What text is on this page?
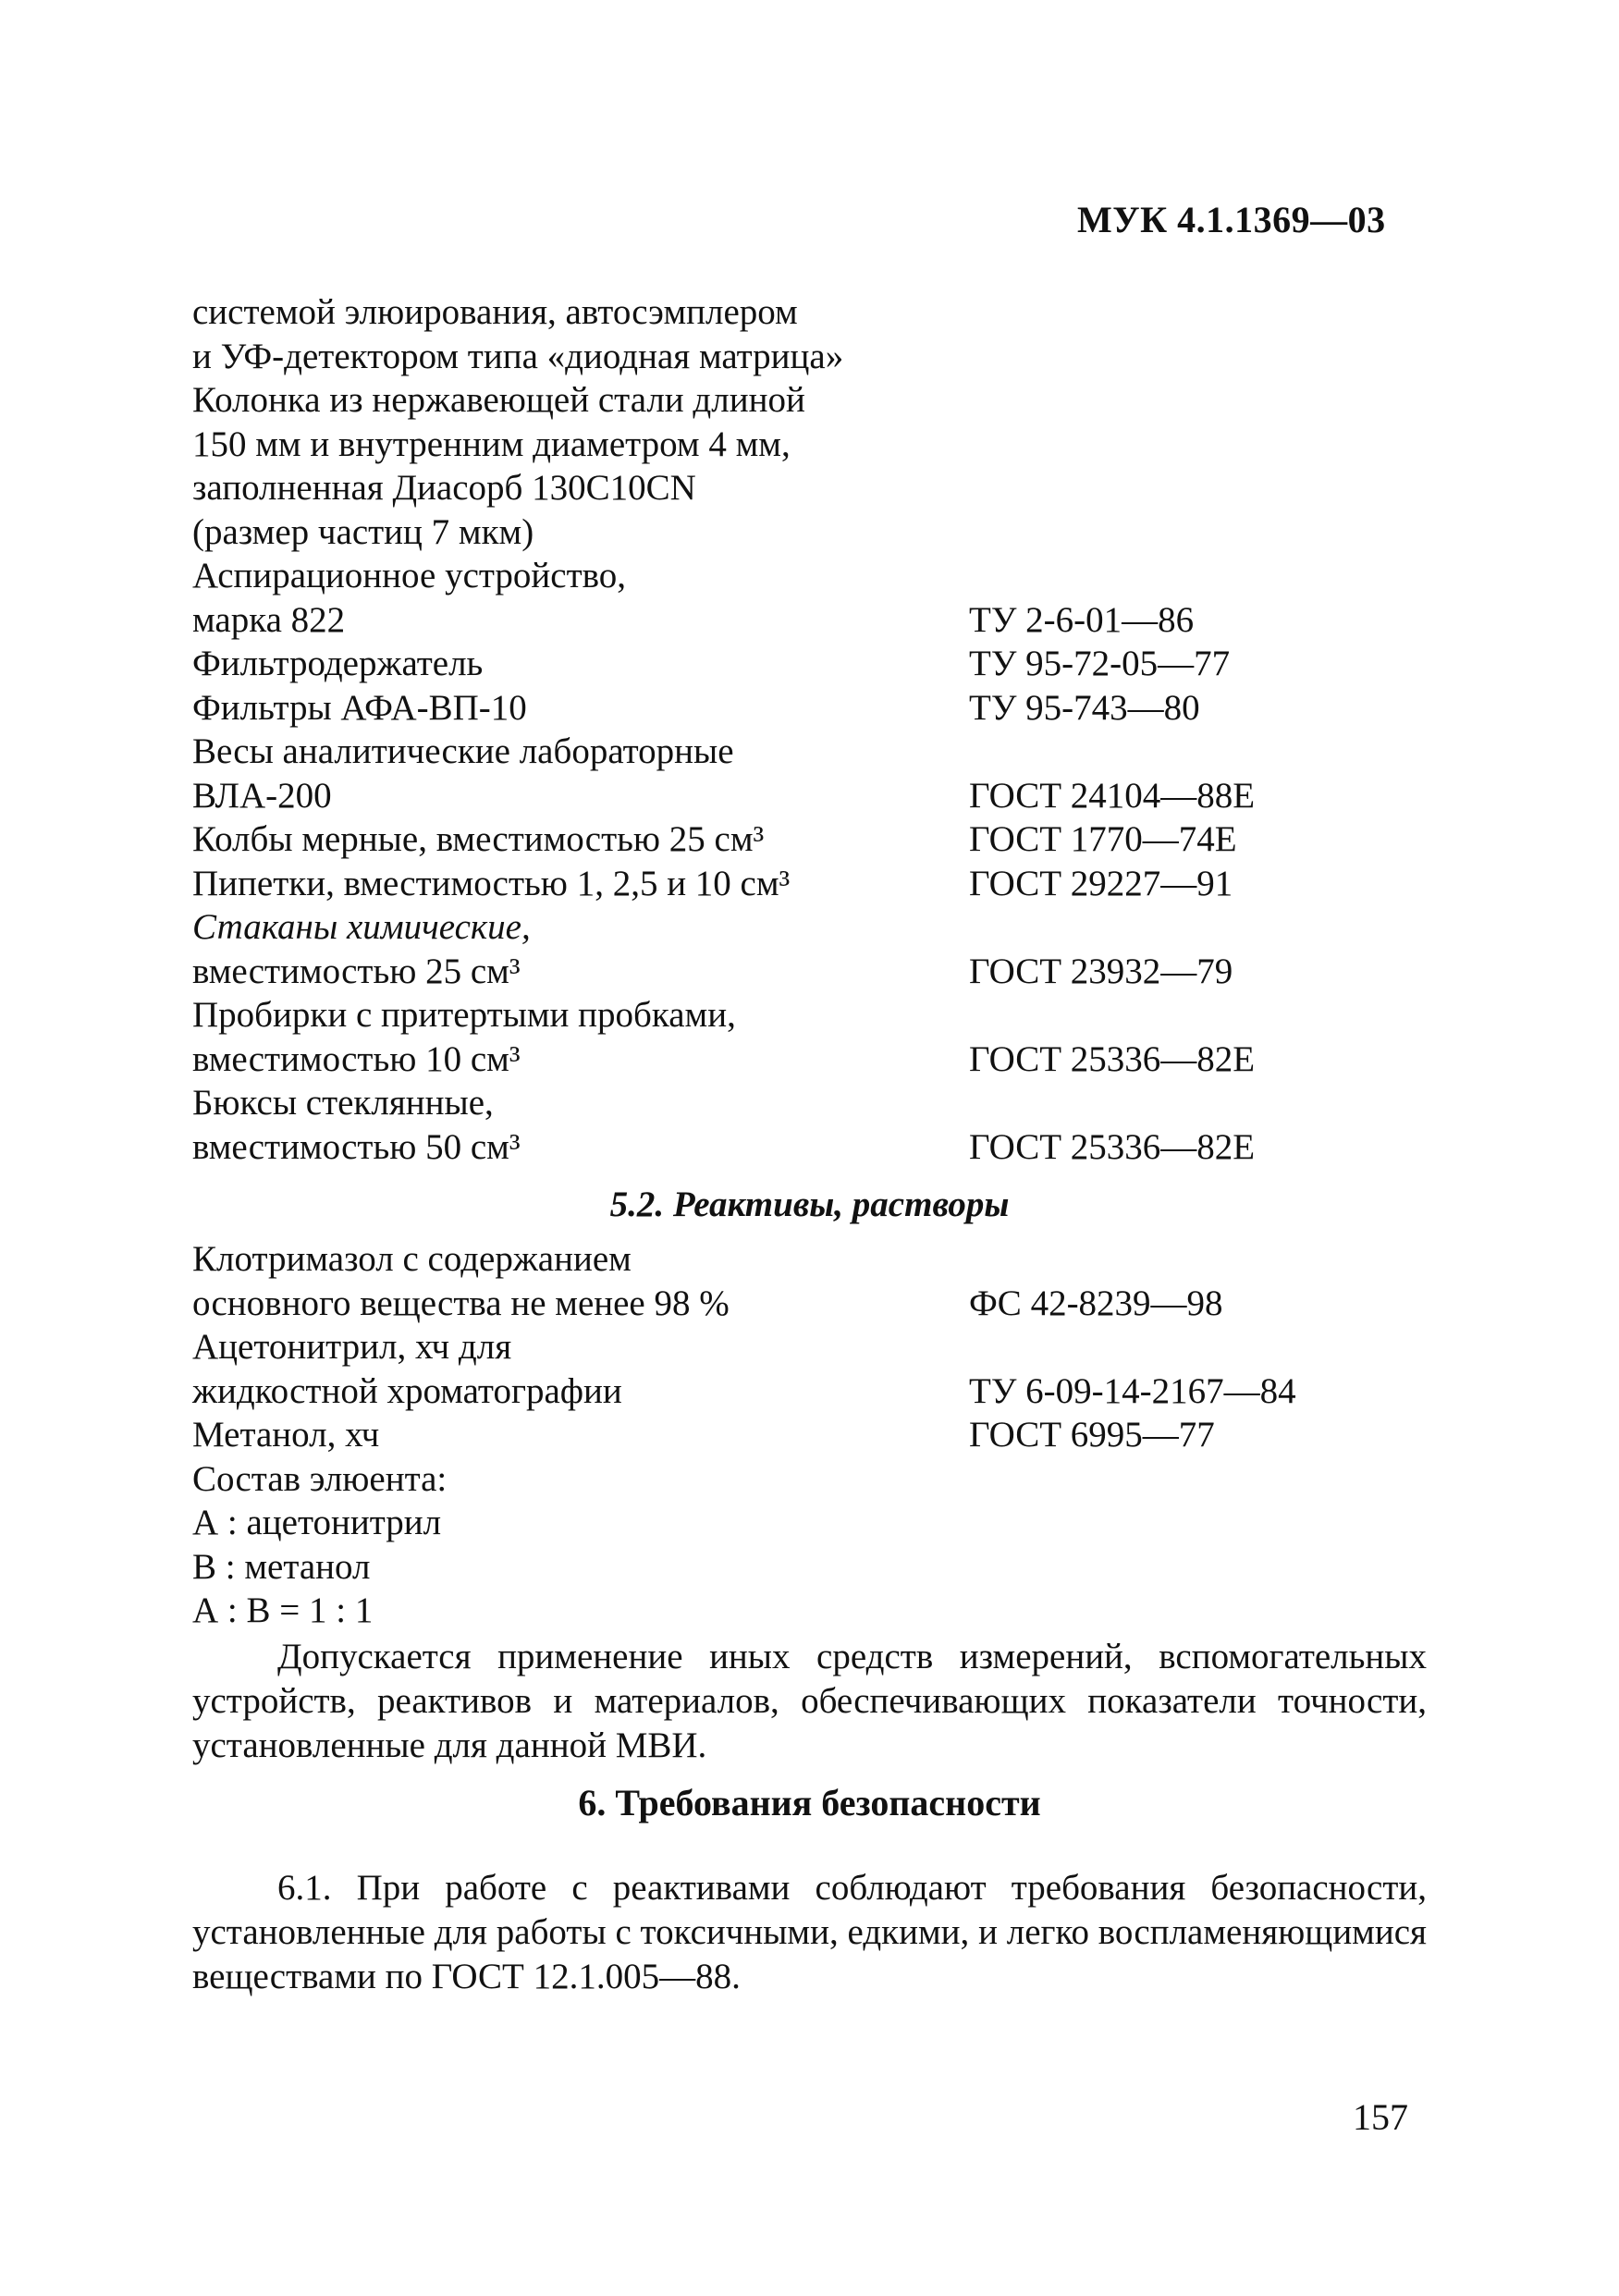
МУК 4.1.1369—03
системой элюирования, автосэмплером
и УФ-детектором типа «диодная матрица»
Колонка из нержавеющей стали длиной
150 мм и внутренним диаметром 4 мм,
заполненная Диасорб 130С10CN
(размер частиц 7 мкм)
Аспирационное устройство,
марка 822	ТУ 2-6-01—86
Фильтродержатель	ТУ 95-72-05—77
Фильтры АФА-ВП-10	ТУ 95-743—80
Весы аналитические лабораторные
ВЛА-200	ГОСТ 24104—88Е
Колбы мерные, вместимостью 25 см³	ГОСТ 1770—74Е
Пипетки, вместимостью 1, 2,5 и 10 см³	ГОСТ 29227—91
Стаканы химические,
вместимостью 25 см³	ГОСТ 23932—79
Пробирки с притертыми пробками,
вместимостью 10 см³	ГОСТ 25336—82Е
Бюксы стеклянные,
вместимостью 50 см³	ГОСТ 25336—82Е
5.2. Реактивы, растворы
Клотримазол с содержанием
основного вещества не менее 98 %	ФС 42-8239—98
Ацетонитрил, хч для
жидкостной хроматографии	ТУ 6-09-14-2167—84
Метанол, хч	ГОСТ 6995—77
Состав элюента:
А : ацетонитрил
В : метанол
А : В = 1 : 1

Допускается применение иных средств измерений, вспомогательных устройств, реактивов и материалов, обеспечивающих показатели точности, установленные для данной МВИ.

6. Требования безопасности

6.1. При работе с реактивами соблюдают требования безопасности, установленные для работы с токсичными, едкими, и легко воспламеняющимися веществами по ГОСТ 12.1.005—88.

157
